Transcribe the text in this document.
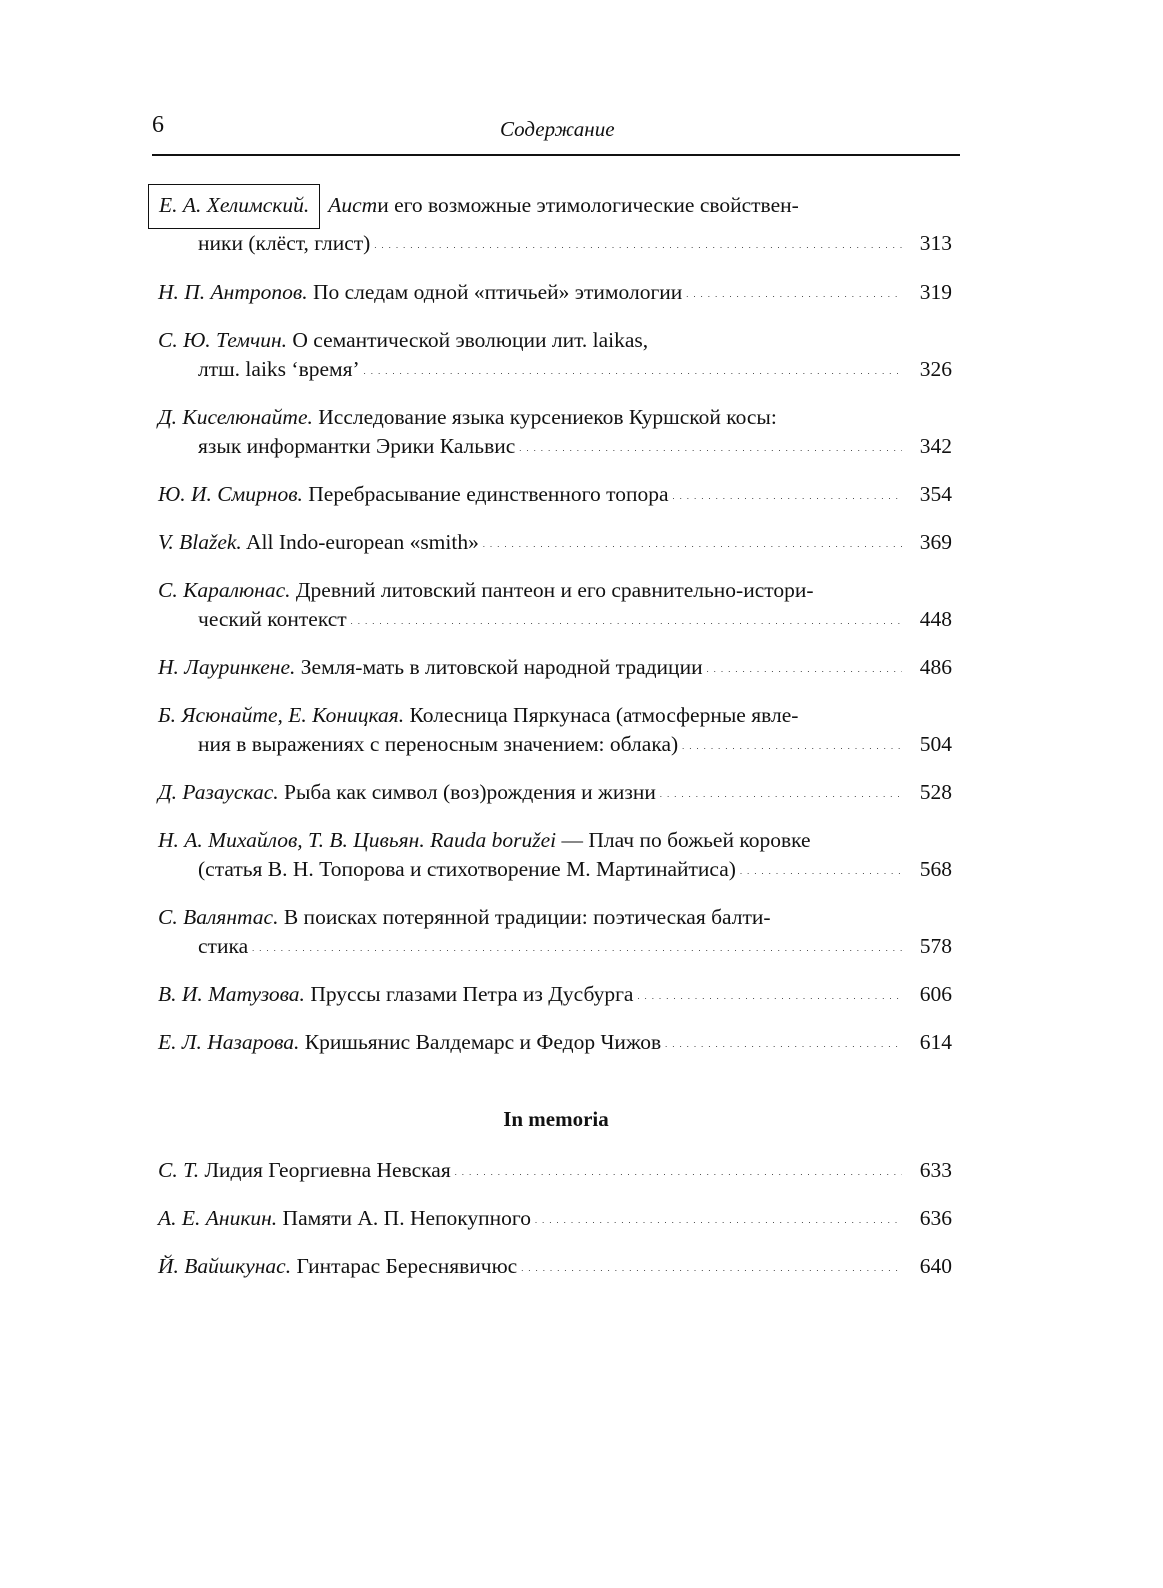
6	Содержание
Е. А. Хелимский. Аист и его возможные этимологические свойствен-
ники (клёст, глист) . . .	313
Н. П. Антропов. По следам одной «птичьей» этимологии . . .	319
С. Ю. Темчин. О семантической эволюции лит. laikas,
лтш. laiks ‘время’ . . .	326
Д. Киселюнайте. Исследование языка курсениеков Куршской косы:
язык информантки Эрики Кальвис . . .	342
Ю. И. Смирнов. Перебрасывание единственного топора . . .	354
V. Blažek. All Indo-european «smith» . . .	369
С. Каралюнас. Древний литовский пантеон и его сравнительно-истори-
ческий контекст . . .	448
Н. Лауринкене. Земля-мать в литовской народной традиции . . .	486
Б. Ясюнайте, Е. Коницкая. Колесница Пяркунаса (атмосферные явле-
ния в выражениях с переносным значением: облака) . . .	504
Д. Разаускас. Рыба как символ (воз)рождения и жизни . . .	528
Н. А. Михайлов, Т. В. Цивьян. Rauda boružei — Плач по божьей коровке
(статья В. Н. Топорова и стихотворение М. Мартинайтиса) . . .	568
С. Валянтас. В поисках потерянной традиции: поэтическая балти-
стика . . .	578
В. И. Матузова. Пруссы глазами Петра из Дусбурга . . .	606
Е. Л. Назарова. Кришьянис Валдемарс и Федор Чижов . . .	614
In memoria
С. Т. Лидия Георгиевна Невская . . .	633
А. Е. Аникин. Памяти А. П. Непокупного . . .	636
Й. Вайшкунас. Гинтарас Береснявичюс . . .	640
